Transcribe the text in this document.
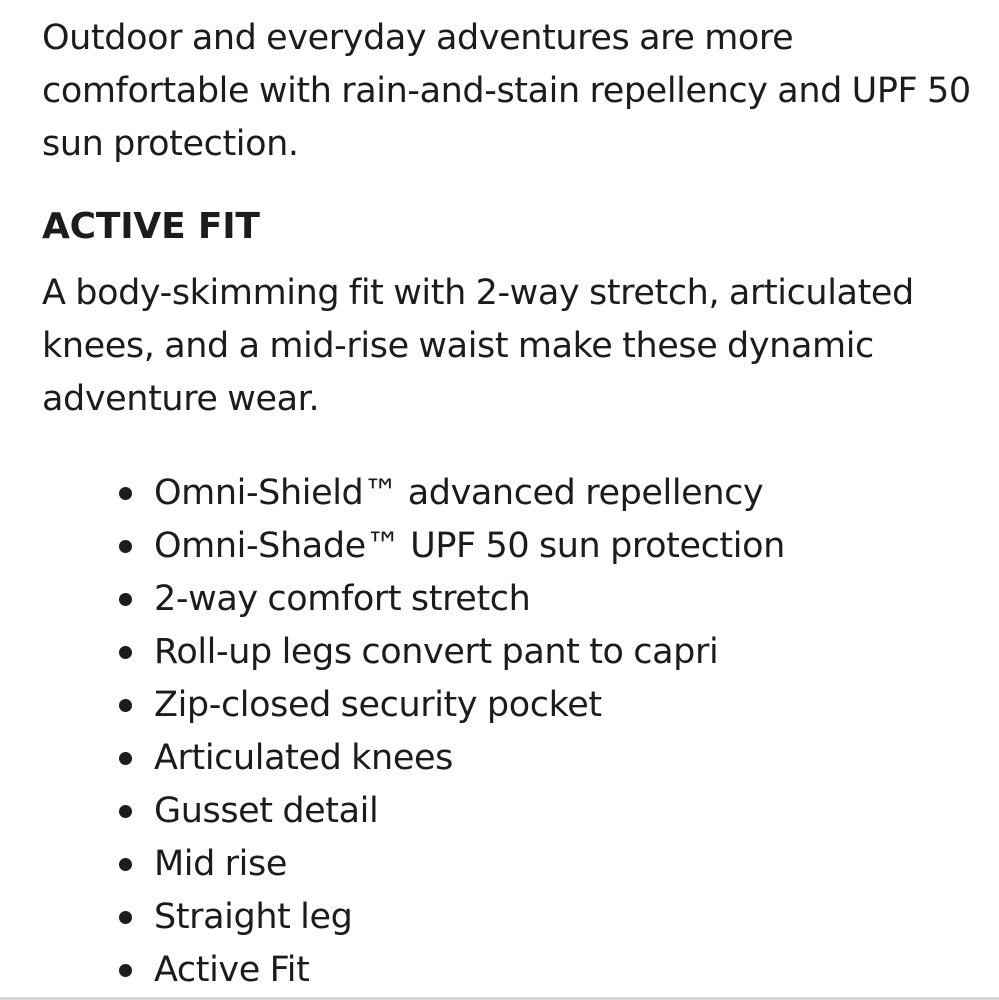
Outdoor and everyday adventures are more comfortable with rain-and-stain repellency and UPF 50 sun protection.

ACTIVE FIT

A body-skimming fit with 2-way stretch, articulated knees, and a mid-rise waist make these dynamic adventure wear.

Omni-Shield™ advanced repellency
Omni-Shade™ UPF 50 sun protection
2-way comfort stretch
Roll-up legs convert pant to capri
Zip-closed security pocket
Articulated knees
Gusset detail
Mid rise
Straight leg
Active Fit
